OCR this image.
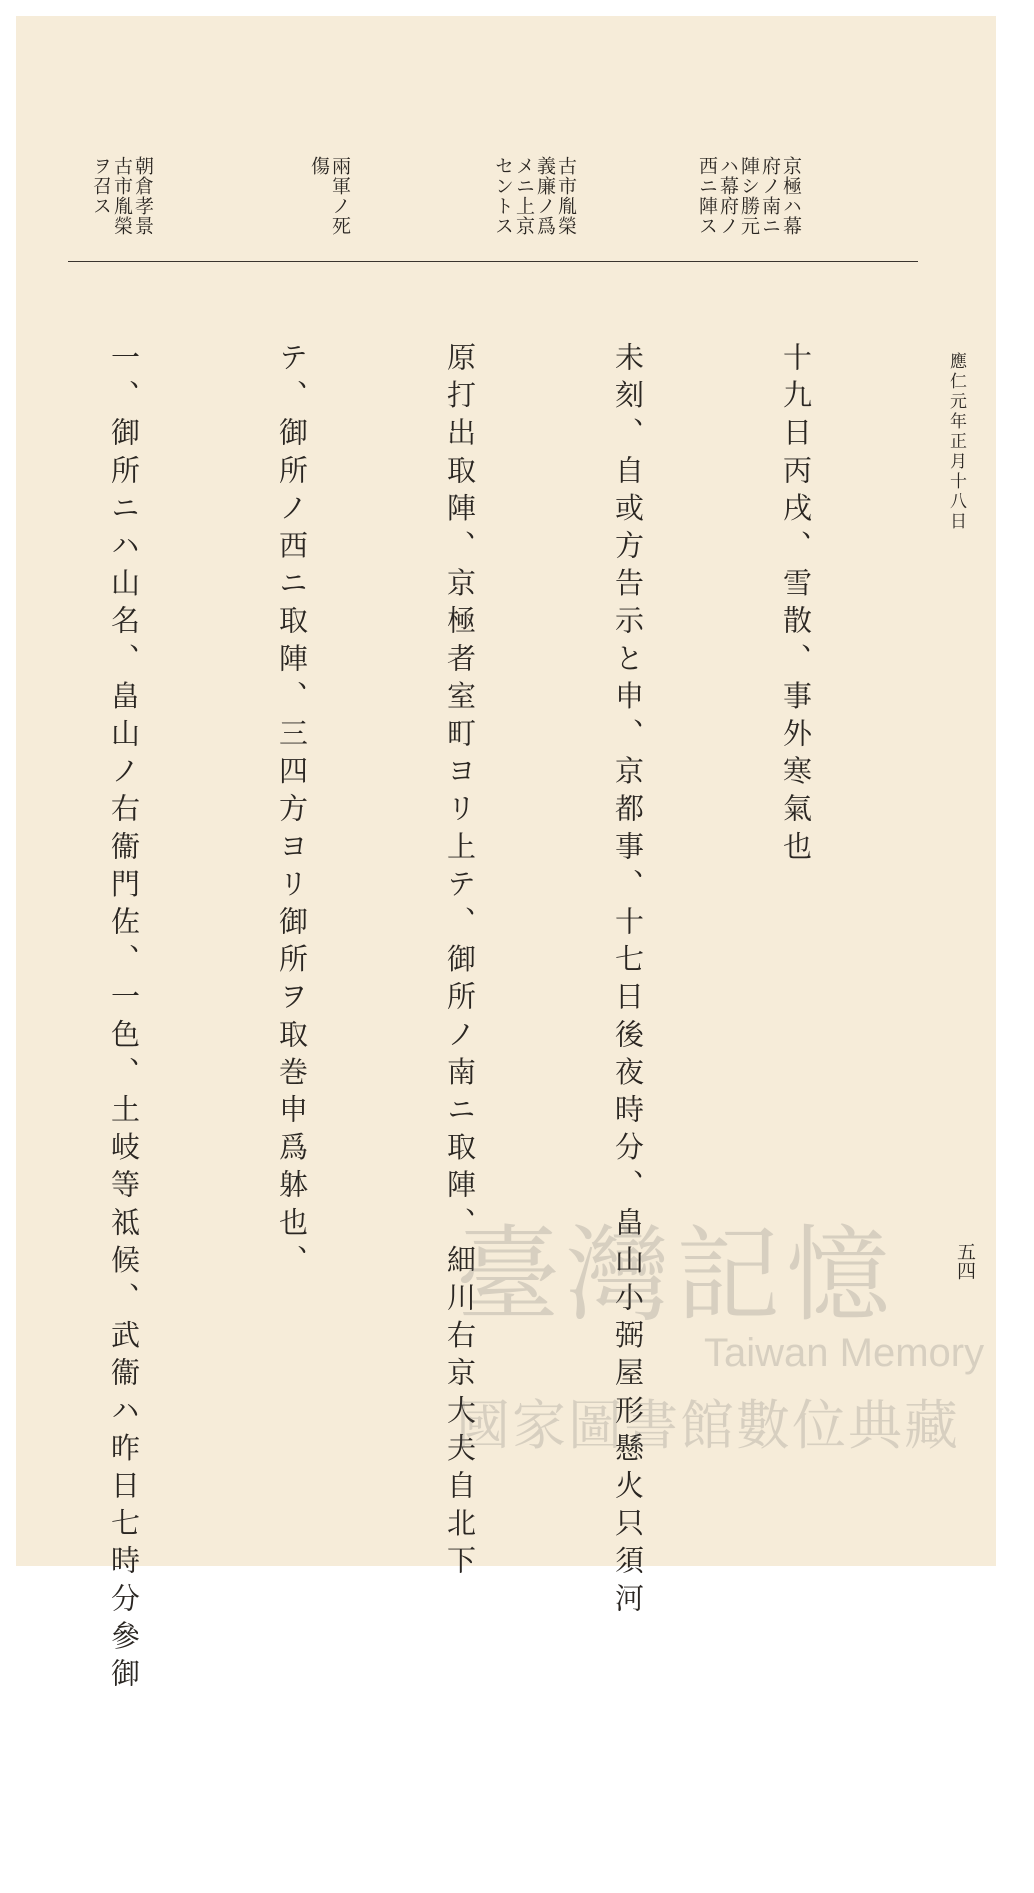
應仁元年正月十八日
五四
京極ハ幕
府ノ南ニ
陣シ勝元
ハ幕府ノ
西ニ陣ス
古市胤榮
義廉ノ爲
メニ上京
セントス
兩軍ノ死
傷
朝倉孝景
古市胤榮
ヲ召ス

十九日丙戌、雪散、事外寒氣也

未刻、自或方告示と申、京都事、十七日後夜時分、畠山小弼屋形懸火只須河

原打出取陣、京極者室町ヨリ上テ、御所ノ南ニ取陣、細川右京大夫自北下

テ、御所ノ西ニ取陣、三四方ヨリ御所ヲ取巻申爲躰也、

一、御所ニハ山名、畠山ノ右衞門佐、一色、土岐等祗候、武衞ハ昨日七時分參御

	臺灣記憶
Taiwan Memory
國家圖書館數位典藏
